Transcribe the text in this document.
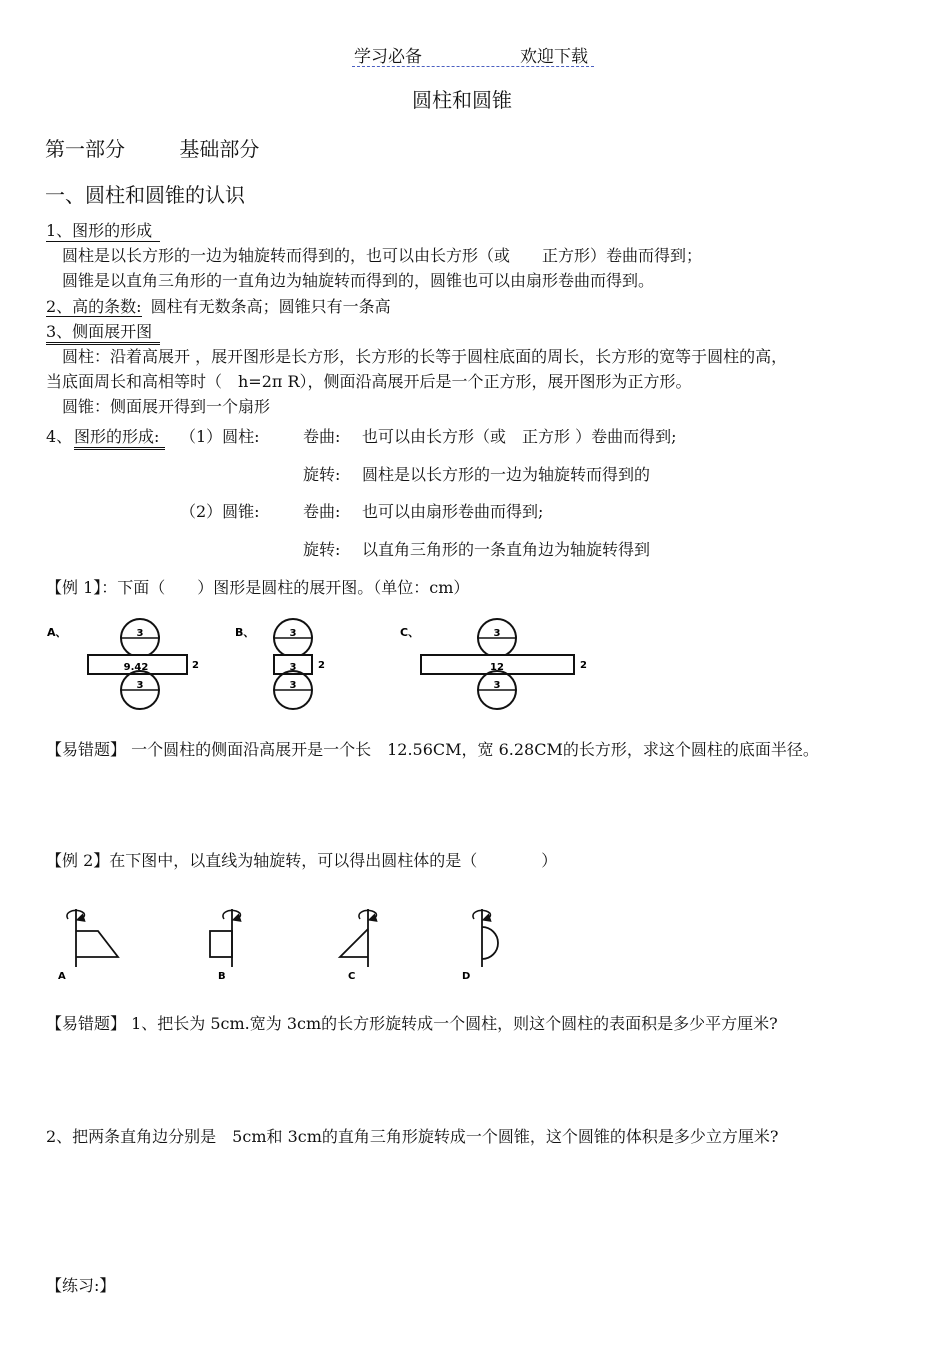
学习必备	欢迎下载
圆柱和圆锥
第一部分	基础部分
一、圆柱和圆锥的认识
1、图形的形成
圆柱是以长方形的一边为轴旋转而得到的，也可以由长方形（或　　正方形）卷曲而得到；
圆锥是以直角三角形的一直角边为轴旋转而得到的，圆锥也可以由扇形卷曲而得到。
2、高的条数: 圆柱有无数条高；圆锥只有一条高
3、侧面展开图
圆柱：沿着高展开 ，展开图形是长方形，长方形的长等于圆柱底面的周长，长方形的宽等于圆柱的高，
当底面周长和高相等时（　h=2π R），侧面沿高展开后是一个正方形，展开图形为正方形。
圆锥：侧面展开得到一个扇形
4、 图形的形成:	（1）圆柱:	卷曲: 也可以由长方形（或　正方形 ）卷曲而得到;
旋转: 圆柱是以长方形的一边为轴旋转而得到的
（2）圆锥:	卷曲: 也可以由扇形卷曲而得到;
旋转: 以直角三角形的一条直角边为轴旋转得到
【例 1】：下面（　　）图形是圆柱的展开图。（单位：cm）
A、	3
9.42	2
3
B、	3
3 2
3
C、	3
12	2
3
【易错题】 一个圆柱的侧面沿高展开是一个长　12.56CM，宽 6.28CM的长方形，求这个圆柱的底面半径。
【例 2】在下图中，以直线为轴旋转，可以得出圆柱体的是（　　　　）
A	B	C	D
【易错题】 1、把长为 5cm.宽为 3cm的长方形旋转成一个圆柱，则这个圆柱的表面积是多少平方厘米?
2、把两条直角边分别是　5cm和 3cm的直角三角形旋转成一个圆锥，这个圆锥的体积是多少立方厘米?
【练习:】
